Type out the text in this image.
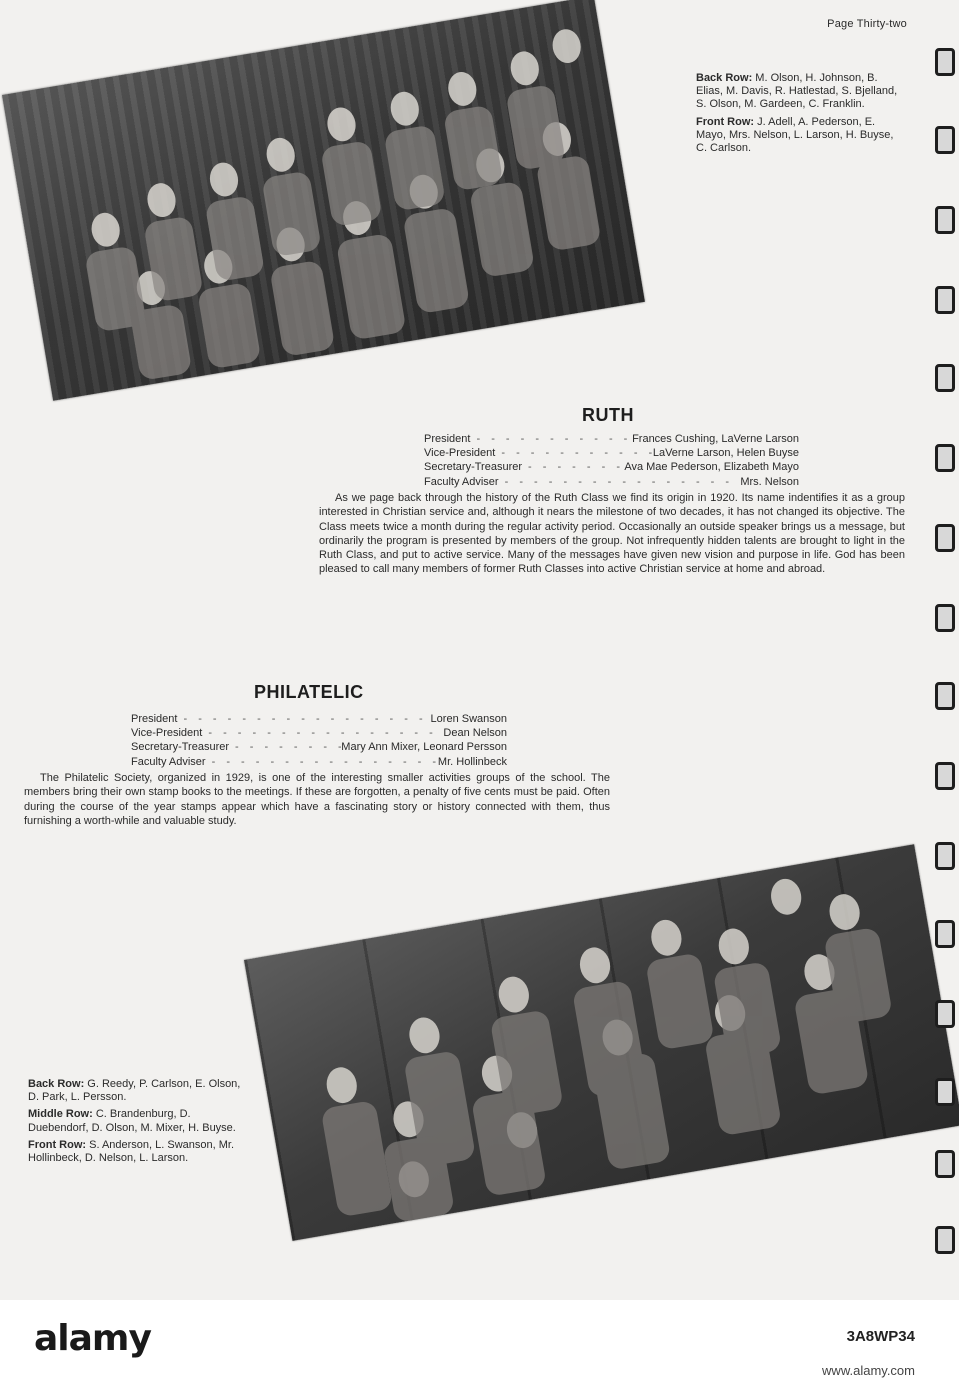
Page Thirty-two

Back Row: M. Olson, H. Johnson, B. Elias, M. Davis, R. Hatlestad, S. Bjelland, S. Olson, M. Gardeen, C. Franklin.

Front Row: J. Adell, A. Pederson, E. Mayo, Mrs. Nelson, L. Larson, H. Buyse, C. Carlson.

RUTH
President - - -	Frances Cushing, LaVerne Larson
Vice-President - - -	LaVerne Larson, Helen Buyse
Secretary-Treasurer - - -	Ava Mae Pederson, Elizabeth Mayo
Faculty Adviser - - -	Mrs. Nelson
As we page back through the history of the Ruth Class we find its origin in 1920. Its name indentifies it as a group interested in Christian service and, although it nears the milestone of two decades, it has not changed its objective. The Class meets twice a month during the regular activity period. Occasionally an outside speaker brings us a message, but ordinarily the program is presented by members of the group. Not infrequently hidden talents are brought to light in the Ruth Class, and put to active service. Many of the messages have given new vision and purpose in life. God has been pleased to call many members of former Ruth Classes into active Christian service at home and abroad.
PHILATELIC
President - - -	Loren Swanson
Vice-President - - -	Dean Nelson
Secretary-Treasurer - - -	Mary Ann Mixer, Leonard Persson
Faculty Adviser - - -	Mr. Hollinbeck
The Philatelic Society, organized in 1929, is one of the interesting smaller activities groups of the school. The members bring their own stamp books to the meetings. If these are forgotten, a penalty of five cents must be paid. Often during the course of the year stamps appear which have a fascinating story or history connected with them, thus furnishing a worth-while and valuable study.

Back Row: G. Reedy, P. Carlson, E. Olson, D. Park, L. Persson.

Middle Row: C. Brandenburg, D. Duebendorf, D. Olson, M. Mixer, H. Buyse.

Front Row: S. Anderson, L. Swanson, Mr. Hollinbeck, D. Nelson, L. Larson.

alamy	3A8WP34
www.alamy.com
